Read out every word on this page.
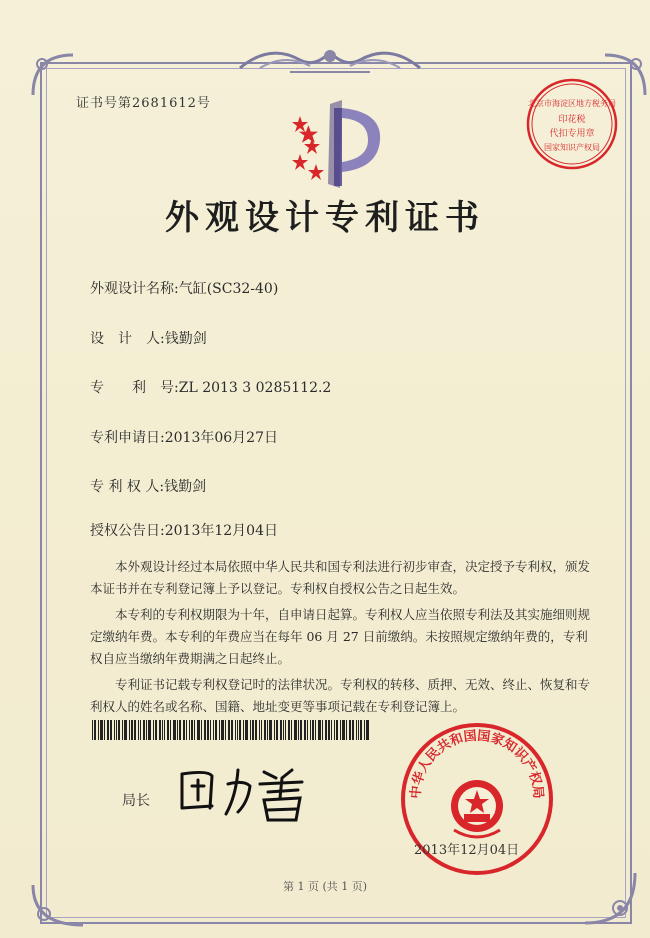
证书号第2681612号	北京市海淀区地方税务局
印花税
代扣专用章
国家知识产权局
外观设计专利证书
外观设计名称:气缸(SC32-40)
设　计　人:钱勤剑
专　　利　号:ZL 2013 3 0285112.2
专利申请日:2013年06月27日
专 利 权 人:钱勤剑
授权公告日:2013年12月04日

本外观设计经过本局依照中华人民共和国专利法进行初步审查，决定授予专利权，颁发本证书并在专利登记簿上予以登记。专利权自授权公告之日起生效。

本专利的专利权期限为十年，自申请日起算。专利权人应当依照专利法及其实施细则规定缴纳年费。本专利的年费应当在每年 06 月 27 日前缴纳。未按照规定缴纳年费的，专利权自应当缴纳年费期满之日起终止。

专利证书记载专利权登记时的法律状况。专利权的转移、质押、无效、终止、恢复和专利权人的姓名或名称、国籍、地址变更等事项记载在专利登记簿上。

局长
中华人民共和国国家知识产权局
2013年12月04日
第 1 页 (共 1 页)
